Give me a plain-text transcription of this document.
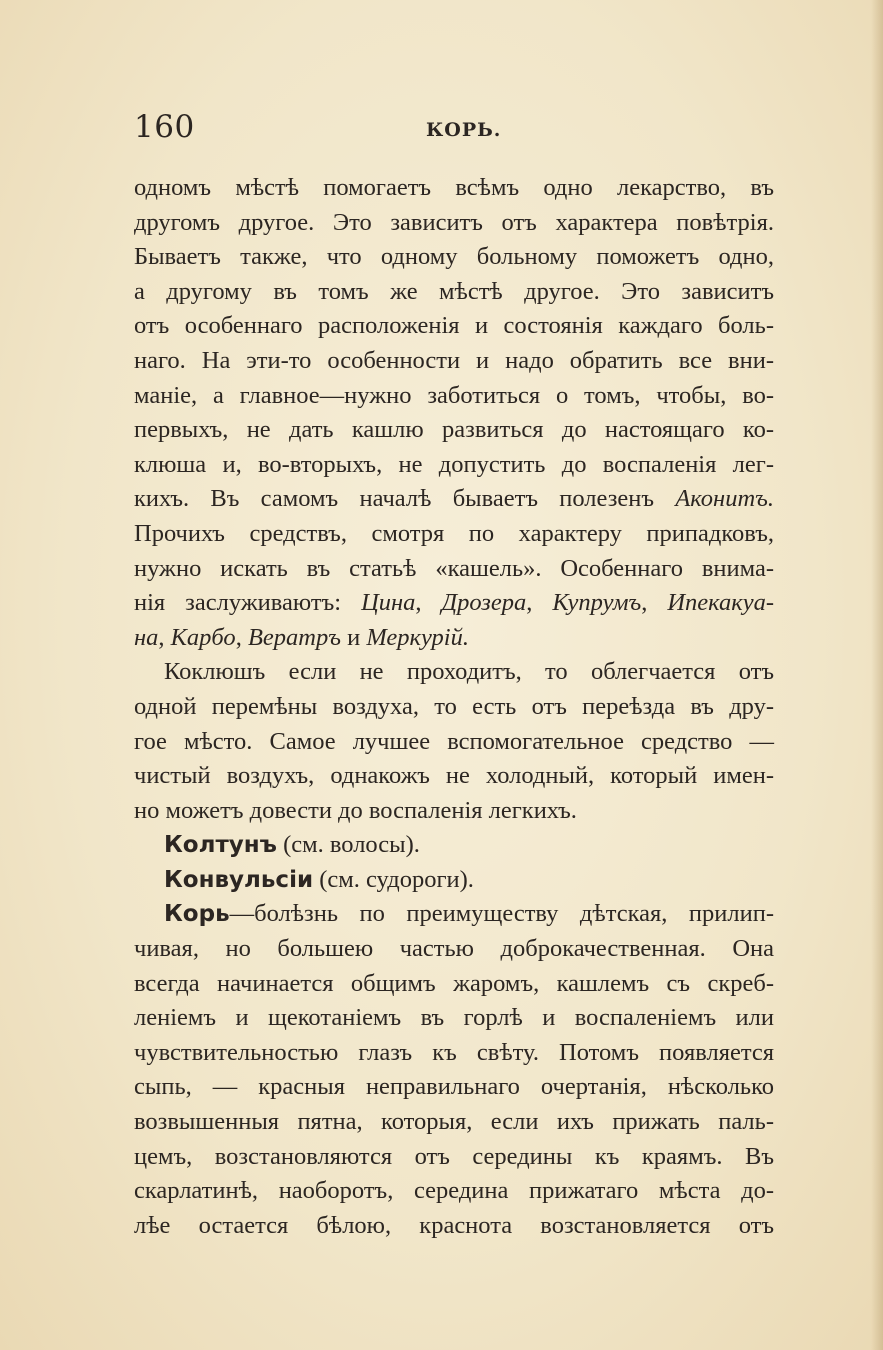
160	КОРЬ.
одномъ мѣстѣ помогаетъ всѣмъ одно лекарство, въ
другомъ другое. Это зависитъ отъ характера повѣтрія.
Бываетъ также, что одному больному поможетъ одно,
а другому въ томъ же мѣстѣ другое. Это зависитъ
отъ особеннаго расположенія и состоянія каждаго боль-
наго. На эти-то особенности и надо обратить все вни-
маніе, а главное—нужно заботиться о томъ, чтобы, во-
первыхъ, не дать кашлю развиться до настоящаго ко-
клюша и, во-вторыхъ, не допустить до воспаленія лег-
кихъ. Въ самомъ началѣ бываетъ полезенъ Аконитъ.
Прочихъ средствъ, смотря по характеру припадковъ,
нужно искать въ статьѣ «кашель». Особеннаго внима-
нія заслуживаютъ: Цина, Дрозера, Купрумъ, Ипекакуа-
на, Карбо, Вератръ и Меркурій.
Коклюшъ если не проходитъ, то облегчается отъ
одной перемѣны воздуха, то есть отъ переѣзда въ дру-
гое мѣсто. Самое лучшее вспомогательное средство —
чистый воздухъ, однакожъ не холодный, который имен-
но можетъ довести до воспаленія легкихъ.
Колтунъ (см. волосы).
Конвульсіи (см. судороги).
Корь—болѣзнь по преимуществу дѣтская, прилип-
чивая, но большею частью доброкачественная. Она
всегда начинается общимъ жаромъ, кашлемъ съ скреб-
леніемъ и щекотаніемъ въ горлѣ и воспаленіемъ или
чувствительностью глазъ къ свѣту. Потомъ появляется
сыпь, — красныя неправильнаго очертанія, нѣсколько
возвышенныя пятна, которыя, если ихъ прижать паль-
цемъ, возстановляются отъ середины къ краямъ. Въ
скарлатинѣ, наоборотъ, середина прижатаго мѣста до-
лѣе остается бѣлою, краснота возстановляется отъ
